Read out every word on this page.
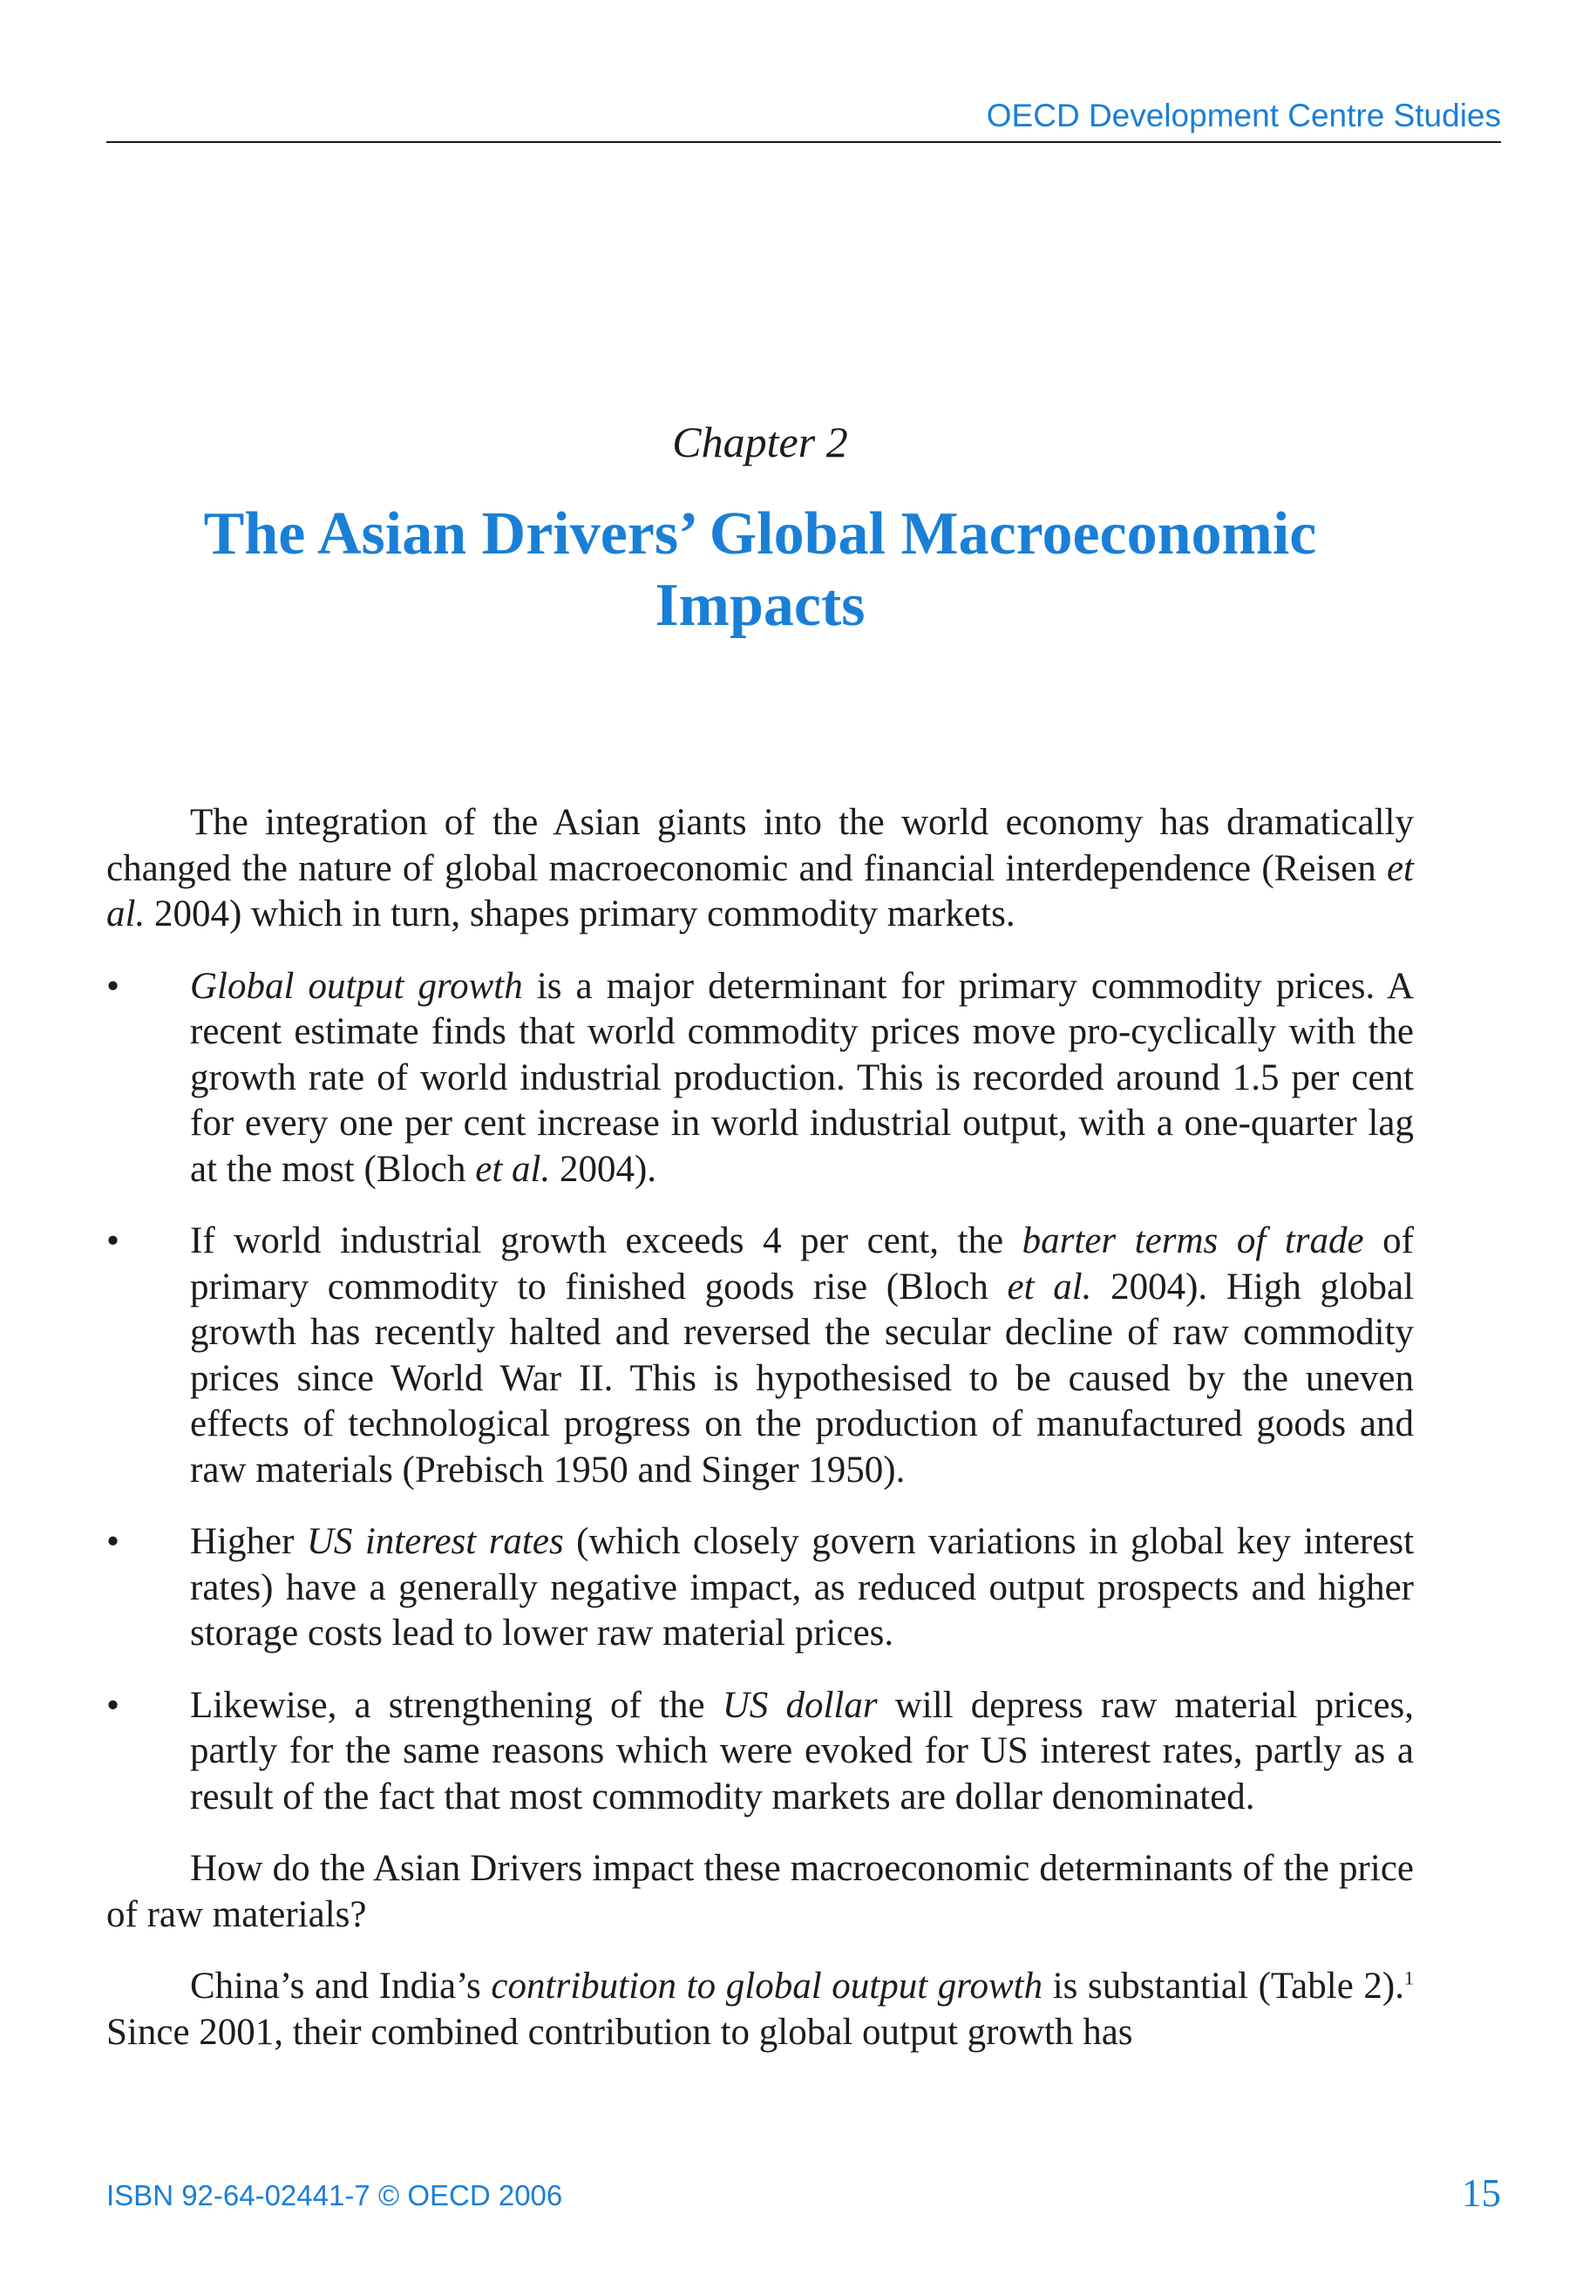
OECD Development Centre Studies
Chapter 2
The Asian Drivers’ Global Macroeconomic
Impacts

The integration of the Asian giants into the world economy has dramatically changed the nature of global macroeconomic and financial interdependence (Reisen et al. 2004) which in turn, shapes primary commodity markets.

• Global output growth is a major determinant for primary commodity prices. A recent estimate finds that world commodity prices move pro-cyclically with the growth rate of world industrial production. This is recorded around 1.5 per cent for every one per cent increase in world industrial output, with a one-quarter lag at the most (Bloch et al. 2004).
• If world industrial growth exceeds 4 per cent, the barter terms of trade of primary commodity to finished goods rise (Bloch et al. 2004). High global growth has recently halted and reversed the secular decline of raw commodity prices since World War II. This is hypothesised to be caused by the uneven effects of technological progress on the production of manufactured goods and raw materials (Prebisch 1950 and Singer 1950).
• Higher US interest rates (which closely govern variations in global key interest rates) have a generally negative impact, as reduced output prospects and higher storage costs lead to lower raw material prices.
• Likewise, a strengthening of the US dollar will depress raw material prices, partly for the same reasons which were evoked for US interest rates, partly as a result of the fact that most commodity markets are dollar denominated.

How do the Asian Drivers impact these macroeconomic determinants of the price of raw materials?

China’s and India’s contribution to global output growth is substantial (Table 2).$^1$ Since 2001, their combined contribution to global output growth has

ISBN 92-64-02441-7 © OECD 2006	15
